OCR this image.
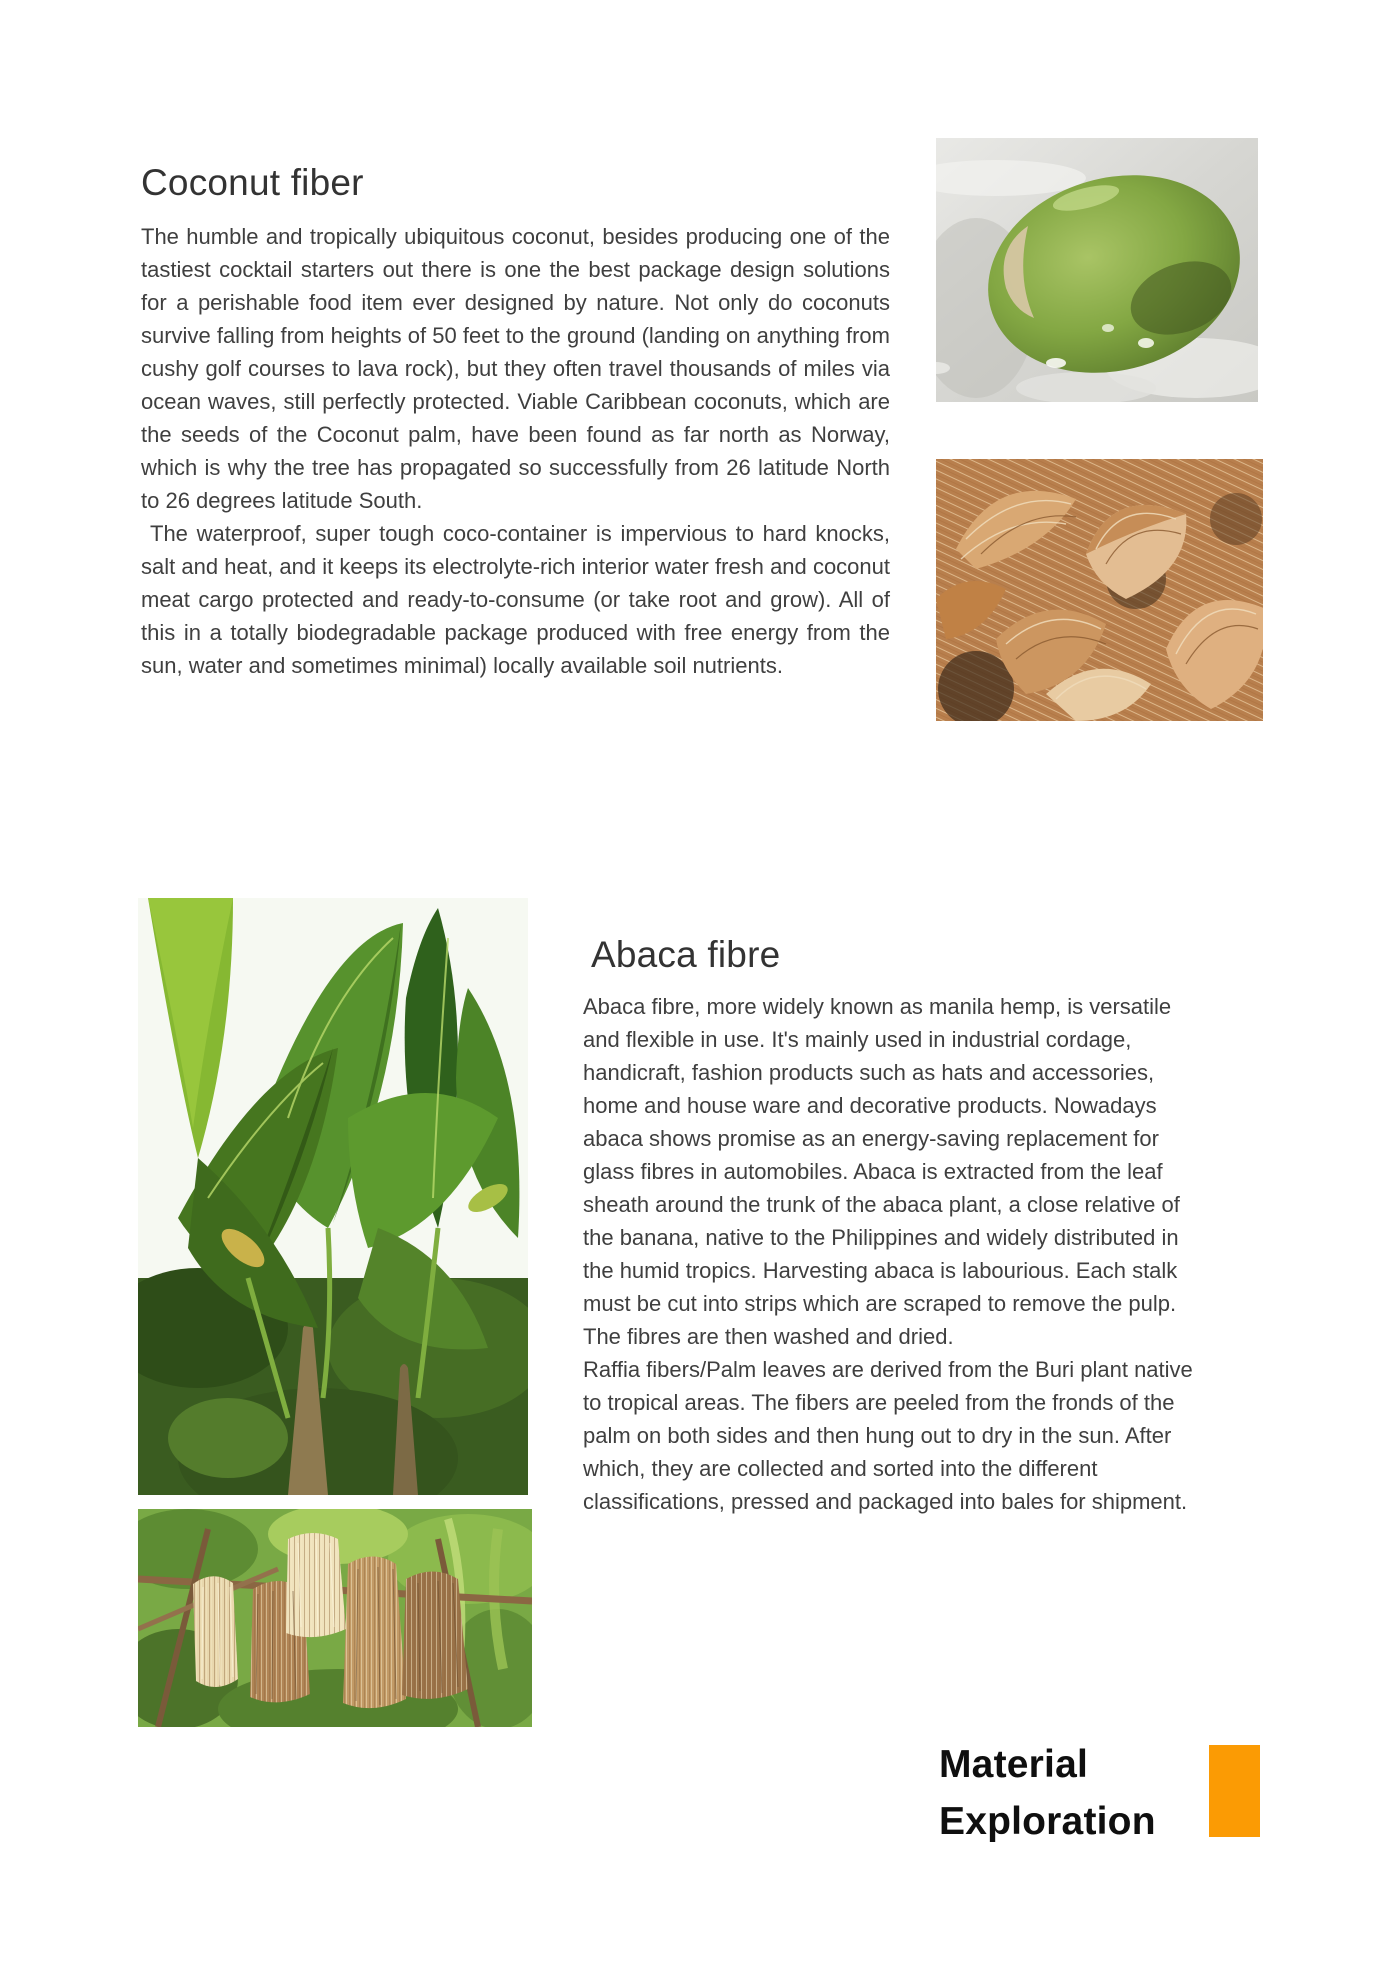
Coconut fiber

The humble and tropically ubiquitous coconut, besides producing one of the tastiest cocktail starters out there is one the best package design solutions for a perishable food item ever designed by nature. Not only do coconuts survive falling from heights of 50 feet to the ground (landing on anything from cushy golf courses to lava rock), but they often travel thousands of miles via ocean waves, still perfectly protected. Viable Caribbean coconuts, which are the seeds of the Coconut palm, have been found as far north as Norway, which is why the tree has propagated so successfully from 26 latitude North to 26 degrees latitude South.

The waterproof, super tough coco-container is impervious to hard knocks, salt and heat, and it keeps its electrolyte-rich interior water fresh and coconut meat cargo protected and ready-to-consume (or take root and grow). All of this in a totally biodegradable package produced with free energy from the sun, water and sometimes minimal) locally available soil nutrients.

Abaca fibre

Abaca fibre, more widely known as manila hemp, is versatile and flexible in use. It's mainly used in industrial cordage, handicraft, fashion products such as hats and accessories, home and house ware and decorative products. Nowadays abaca shows promise as an energy-saving replacement for glass fibres in automobiles. Abaca is extracted from the leaf sheath around the trunk of the abaca plant, a close relative of the banana, native to the Philippines and widely distributed in the humid tropics. Harvesting abaca is labourious. Each stalk must be cut into strips which are scraped to remove the pulp. The fibres are then washed and dried.

Raffia fibers/Palm leaves are derived from the Buri plant native to tropical areas. The fibers are peeled from the fronds of the palm on both sides and then hung out to dry in the sun. After which, they are collected and sorted into the different classifications, pressed and packaged into bales for shipment.

Material
Exploration
